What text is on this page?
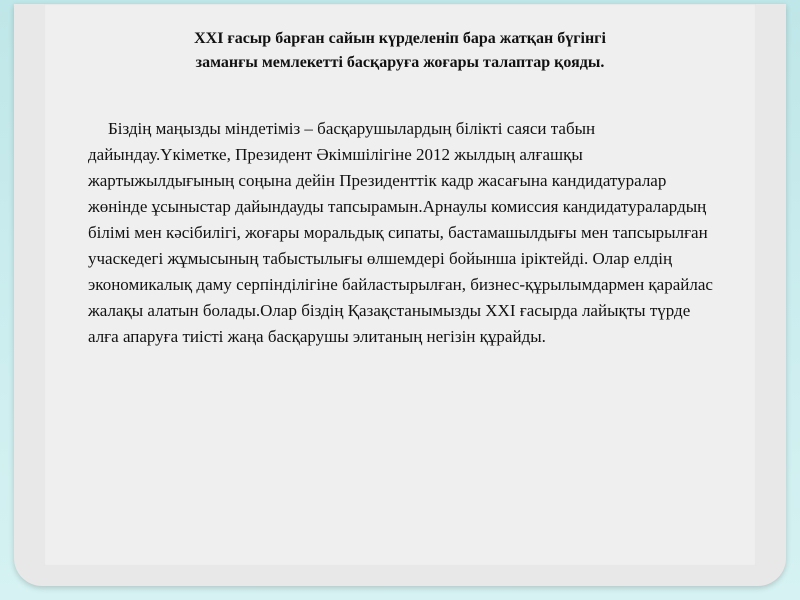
XXI ғасыр барған сайын күрделеніп бара жатқан бүгінгі
заманғы мемлекетті басқаруға жоғары талаптар қояды.

Біздің маңызды міндетіміз – басқарушылардың білікті саяси табын дайындау.Үкіметке, Президент Әкімшілігіне 2012 жылдың алғашқы жартыжылдығының соңына дейін Президенттік кадр жасағына кандидатуралар жөнінде ұсыныстар дайындауды тапсырамын.Арнаулы комиссия кандидатуралардың білімі мен кәсібилігі, жоғары моральдық сипаты, бастамашылдығы мен тапсырылған учаскедегі жұмысының табыстылығы өлшемдері бойынша іріктейді. Олар елдің экономикалық даму серпінділігіне байластырылған, бизнес-құрылымдармен қарайлас жалақы алатын болады.Олар біздің Қазақстанымызды XXI ғасырда лайықты түрде алға апаруға тиісті жаңа басқарушы элитаның негізін құрайды.
